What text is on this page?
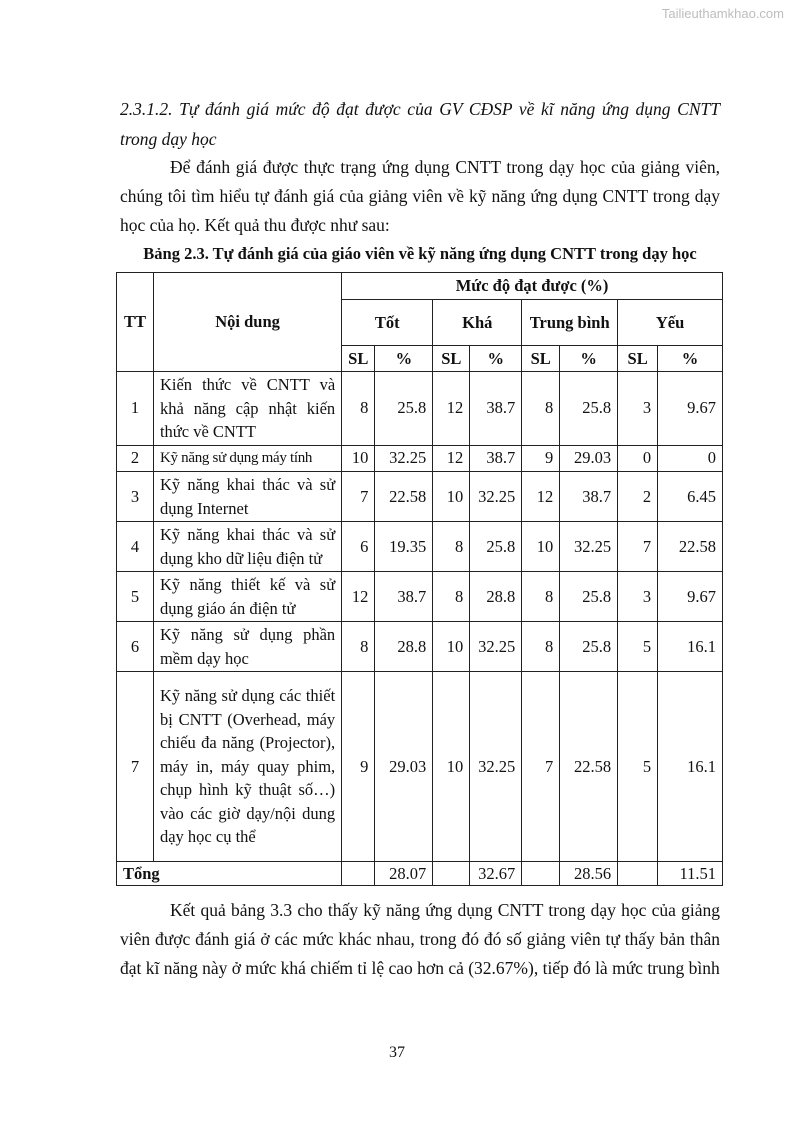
Tailieuthamkhao.com
2.3.1.2. Tự đánh giá mức độ đạt được của GV CĐSP về kĩ năng ứng dụng CNTT trong dạy học
Để đánh giá được thực trạng ứng dụng CNTT trong dạy học của giảng viên, chúng tôi tìm hiểu tự đánh giá của giảng viên về kỹ năng ứng dụng CNTT trong dạy học của họ. Kết quả thu được như sau:
Bảng 2.3. Tự đánh giá của giáo viên về kỹ năng ứng dụng CNTT trong dạy học
TT	Nội dung	Mức độ đạt được (%)							
		Tốt		Khá		Trung bình		Yếu	
		SL	%	SL	%	SL	%	SL	%
1	Kiến thức về CNTT và khả năng cập nhật kiến thức về CNTT	8	25.8	12	38.7	8	25.8	3	9.67
2	Kỹ năng sử dụng máy tính	10	32.25	12	38.7	9	29.03	0	0
3	Kỹ năng khai thác và sử dụng Internet	7	22.58	10	32.25	12	38.7	2	6.45
4	Kỹ năng khai thác và sử dụng kho dữ liệu điện tử	6	19.35	8	25.8	10	32.25	7	22.58
5	Kỹ năng thiết kế và sử dụng giáo án điện tử	12	38.7	8	28.8	8	25.8	3	9.67
6	Kỹ năng sử dụng phần mềm dạy học	8	28.8	10	32.25	8	25.8	5	16.1
7	Kỹ năng sử dụng các thiết bị CNTT (Overhead, máy chiếu đa năng (Projector), máy in, máy quay phim, chụp hình kỹ thuật số…) vào các giờ dạy/nội dung dạy học cụ thể	9	29.03	10	32.25	7	22.58	5	16.1
Tổng			28.07		32.67		28.56		11.51
Kết quả bảng 3.3 cho thấy kỹ năng ứng dụng CNTT trong dạy học của giảng viên được đánh giá ở các mức khác nhau, trong đó đó số giảng viên tự thấy bản thân đạt kĩ năng này ở mức khá chiếm tỉ lệ cao hơn cả (32.67%), tiếp đó là mức trung bình
37
